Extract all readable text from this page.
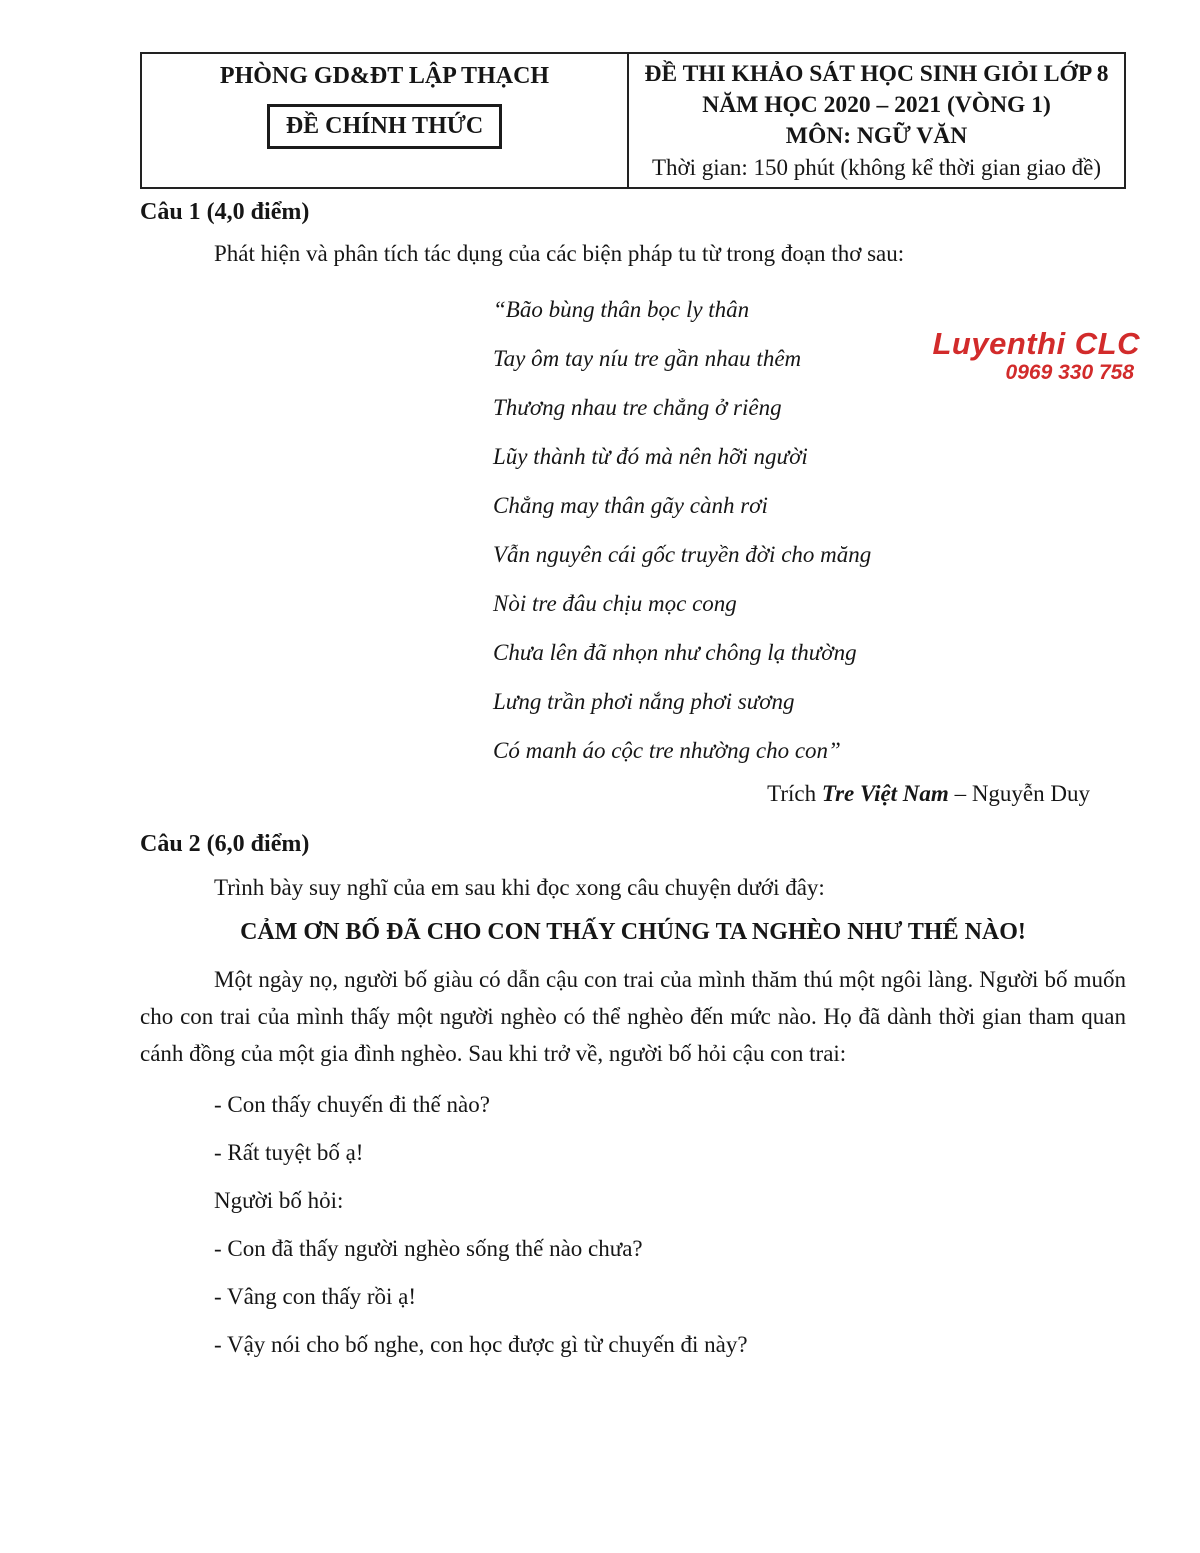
PHÒNG GD&ĐT LẬP THẠCH
ĐỀ CHÍNH THỨC
ĐỀ THI KHẢO SÁT HỌC SINH GIỎI LỚP 8
NĂM HỌC 2020 – 2021 (VÒNG 1)
MÔN: NGỮ VĂN
Thời gian: 150 phút (không kể thời gian giao đề)

Câu 1 (4,0 điểm)

Phát hiện và phân tích tác dụng của các biện pháp tu từ trong đoạn thơ sau:

“Bão bùng thân bọc ly thân

Tay ôm tay níu tre gần nhau thêm

Thương nhau tre chẳng ở riêng

Lũy thành từ đó mà nên hỡi người

Chẳng may thân gãy cành rơi

Vẫn nguyên cái gốc truyền đời cho măng

Nòi tre đâu chịu mọc cong

Chưa lên đã nhọn như chông lạ thường

Lưng trần phơi nắng phơi sương

Có manh áo cộc tre nhường cho con”

Trích Tre Việt Nam – Nguyễn Duy

Câu 2 (6,0 điểm)

Trình bày suy nghĩ của em sau khi đọc xong câu chuyện dưới đây:

CẢM ƠN BỐ ĐÃ CHO CON THẤY CHÚNG TA NGHÈO NHƯ THẾ NÀO!

Một ngày nọ, người bố giàu có dẫn cậu con trai của mình thăm thú một ngôi làng. Người bố muốn cho con trai của mình thấy một người nghèo có thể nghèo đến mức nào. Họ đã dành thời gian tham quan cánh đồng của một gia đình nghèo. Sau khi trở về, người bố hỏi cậu con trai:

- Con thấy chuyến đi thế nào?

- Rất tuyệt bố ạ!

Người bố hỏi:

- Con đã thấy người nghèo sống thế nào chưa?

- Vâng con thấy rồi ạ!

- Vậy nói cho bố nghe, con học được gì từ chuyến đi này?

Luyenthi CLC
0969 330 758
